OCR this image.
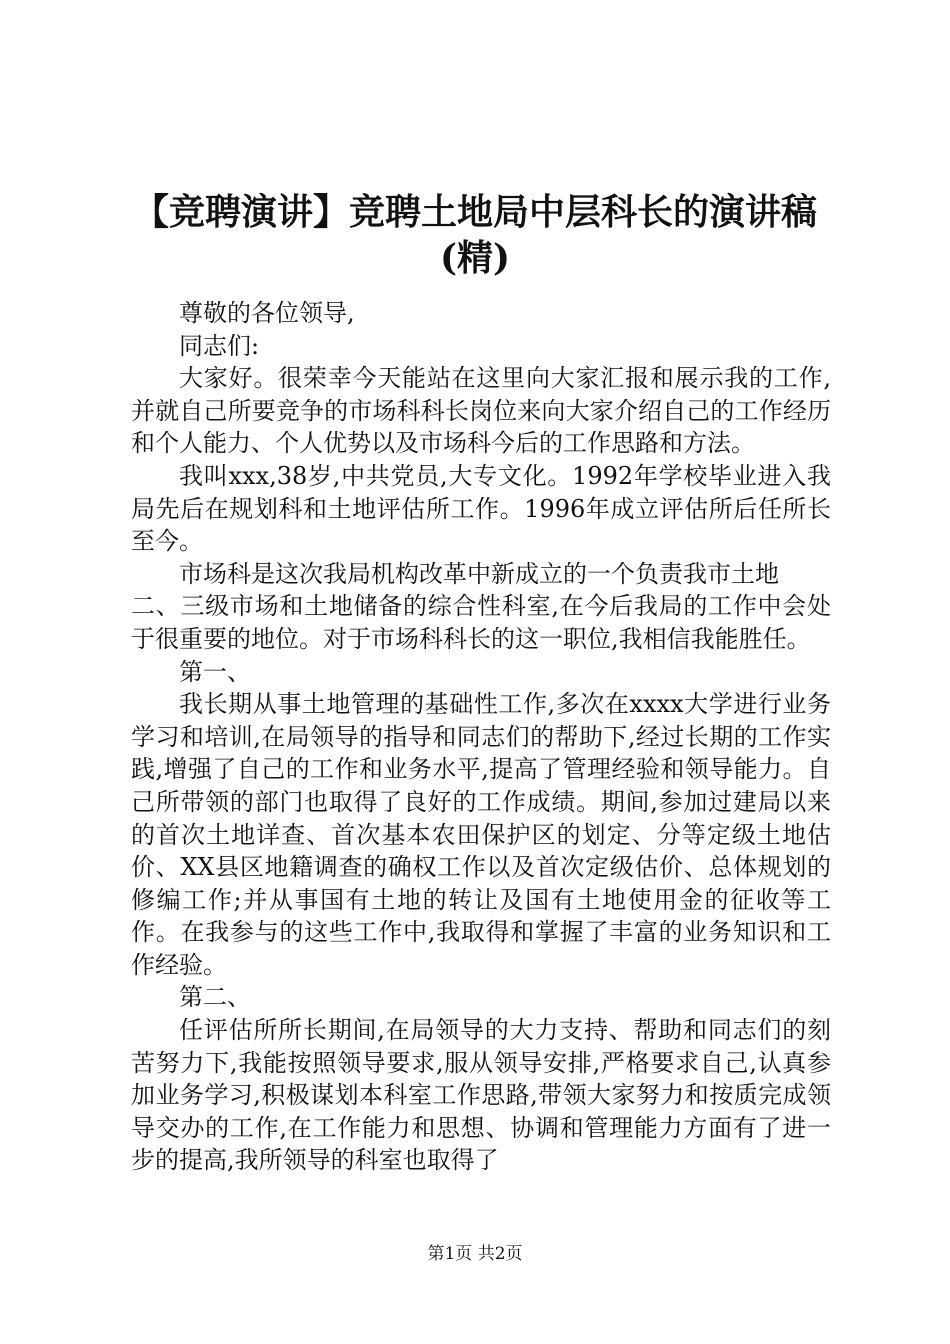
【竞聘演讲】竞聘土地局中层科长的演讲稿
(精)

尊敬的各位领导,

同志们:

大家好。很荣幸今天能站在这里向大家汇报和展示我的工作,并就自己所要竞争的市场科科长岗位来向大家介绍自己的工作经历和个人能力、个人优势以及市场科今后的工作思路和方法。

我叫xxx,38岁,中共党员,大专文化。1992年学校毕业进入我局先后在规划科和土地评估所工作。1996年成立评估所后任所长至今。

市场科是这次我局机构改革中新成立的一个负责我市土地

二、三级市场和土地储备的综合性科室,在今后我局的工作中会处于很重要的地位。对于市场科科长的这一职位,我相信我能胜任。

第一、

我长期从事土地管理的基础性工作,多次在xxxx大学进行业务学习和培训,在局领导的指导和同志们的帮助下,经过长期的工作实践,增强了自己的工作和业务水平,提高了管理经验和领导能力。自己所带领的部门也取得了良好的工作成绩。期间,参加过建局以来的首次土地详查、首次基本农田保护区的划定、分等定级土地估价、XX县区地籍调查的确权工作以及首次定级估价、总体规划的修编工作;并从事国有土地的转让及国有土地使用金的征收等工作。在我参与的这些工作中,我取得和掌握了丰富的业务知识和工作经验。

第二、

任评估所所长期间,在局领导的大力支持、帮助和同志们的刻苦努力下,我能按照领导要求,服从领导安排,严格要求自己,认真参加业务学习,积极谋划本科室工作思路,带领大家努力和按质完成领导交办的工作,在工作能力和思想、协调和管理能力方面有了进一步的提高,我所领导的科室也取得了

第1页 共2页
